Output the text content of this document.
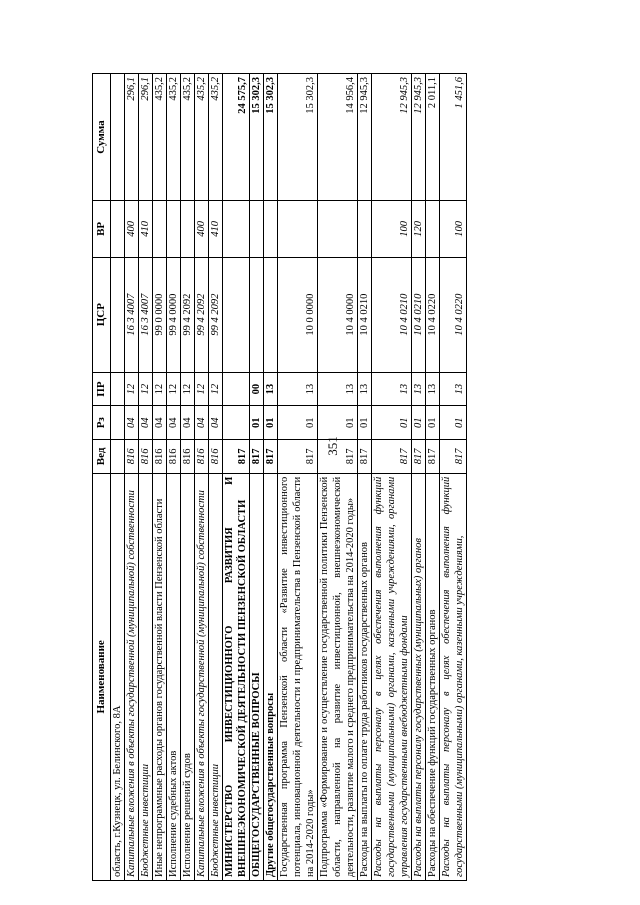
351
Наименование	Вед	Рз	ПР	ЦСР	ВР	Сумма
область, г.Кузнецк, ул. Белинского, 8А						
Капитальные вложения в объекты государственной (муниципальной) собственности	816	04	12	16 3 4007	400	296,1
Бюджетные инвестиции	816	04	12	16 3 4007	410	296,1
Иные непрограммные расходы органов государственной власти Пензенской области	816	04	12	99 0 0000		435,2
Исполнение судебных актов	816	04	12	99 4 0000		435,2
Исполнение решений судов	816	04	12	99 4 2092		435,2
Капитальные вложения в объекты государственной (муниципальной) собственности	816	04	12	99 4 2092	400	435,2
Бюджетные инвестиции	816	04	12	99 4 2092	410	435,2
МИНИСТЕРСТВО ИНВЕСТИЦИОННОГО РАЗВИТИЯ И ВНЕШНЕЭКОНОМИЧЕСКОЙ ДЕЯТЕЛЬНОСТИ ПЕНЗЕНСКОЙ ОБЛАСТИ	817					24 575,7
ОБЩЕГОСУДАРСТВЕННЫЕ ВОПРОСЫ	817	01	00			15 302,3
Другие общегосударственные вопросы	817	01	13			15 302,3
Государственная программа Пензенской области «Развитие инвестиционного потенциала, инновационной деятельности и предпринимательства в Пензенской области на 2014-2020 годы»	817	01	13	10 0 0000		15 302,3
Подпрограмма «Формирование и осуществление государственной политики Пензенской области, направленной на развитие инвестиционной, внешнеэкономической деятельности, развитие малого и среднего предпринимательства на 2014-2020 годы»	817	01	13	10 4 0000		14 956,4
Расходы на выплаты по оплате труда работников государственных органов	817	01	13	10 4 0210		12 945,3
Расходы на выплаты персоналу в целях обеспечения выполнения функций государственными (муниципальными) органами, казенными учреждениями, органами управления государственными внебюджетными фондами	817	01	13	10 4 0210	100	12 945,3
Расходы на выплаты персоналу государственных (муниципальных) органов	817	01	13	10 4 0210	120	12 945,3
Расходы на обеспечение функций государственных органов	817	01	13	10 4 0220		2 011,1
Расходы на выплаты персоналу в целях обеспечения выполнения функций государственными (муниципальными) органами, казенными учреждениями,	817	01	13	10 4 0220	100	1 451,6
